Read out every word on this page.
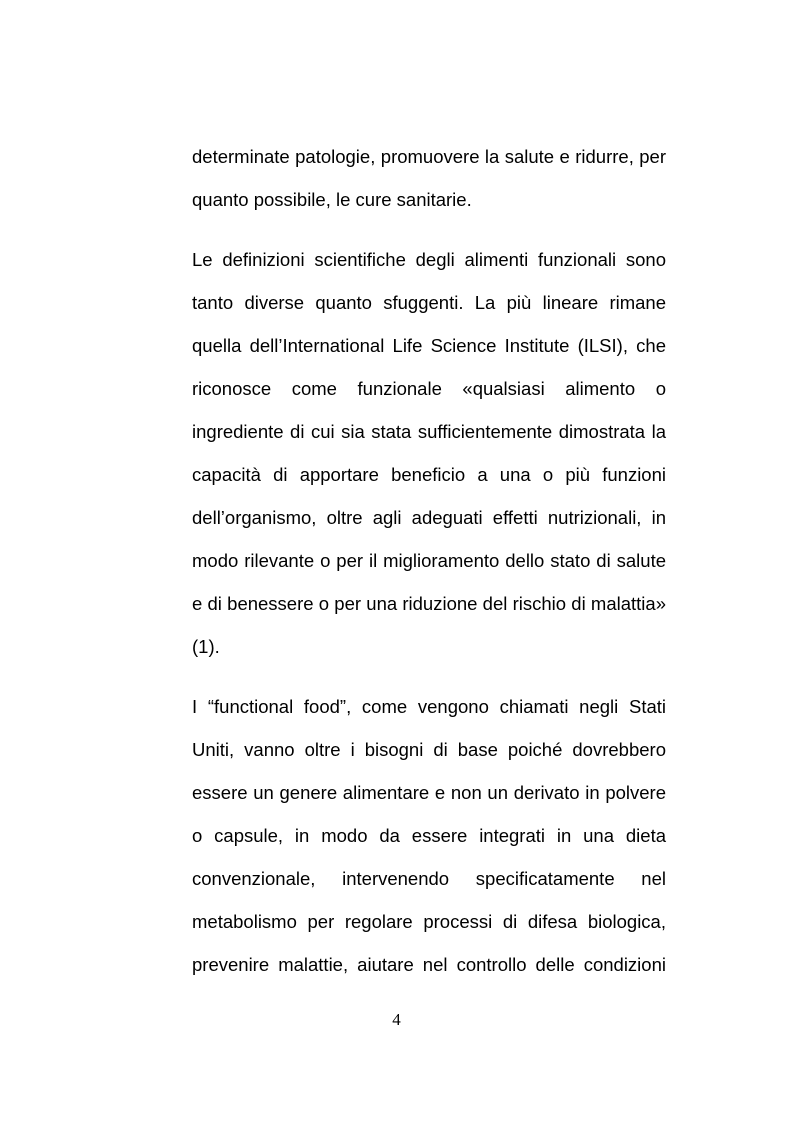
determinate patologie, promuovere la salute e ridurre, per
quanto possibile, le cure sanitarie.
Le definizioni scientifiche degli alimenti funzionali sono
tanto diverse quanto sfuggenti. La più lineare rimane
quella dell’International Life Science Institute (ILSI), che
riconosce come funzionale «qualsiasi alimento o
ingrediente di cui sia stata sufficientemente dimostrata la
capacità di apportare beneficio a una o più funzioni
dell’organismo, oltre agli adeguati effetti nutrizionali, in
modo rilevante o per il miglioramento dello stato di salute
e di benessere o per una riduzione del rischio di malattia»
(1).
I “functional food”, come vengono chiamati negli Stati
Uniti, vanno oltre i bisogni di base poiché dovrebbero
essere un genere alimentare e non un derivato in polvere
o capsule, in modo da essere integrati in una dieta
convenzionale, intervenendo specificatamente nel
metabolismo per regolare processi di difesa biologica,
prevenire malattie, aiutare nel controllo delle condizioni
4
